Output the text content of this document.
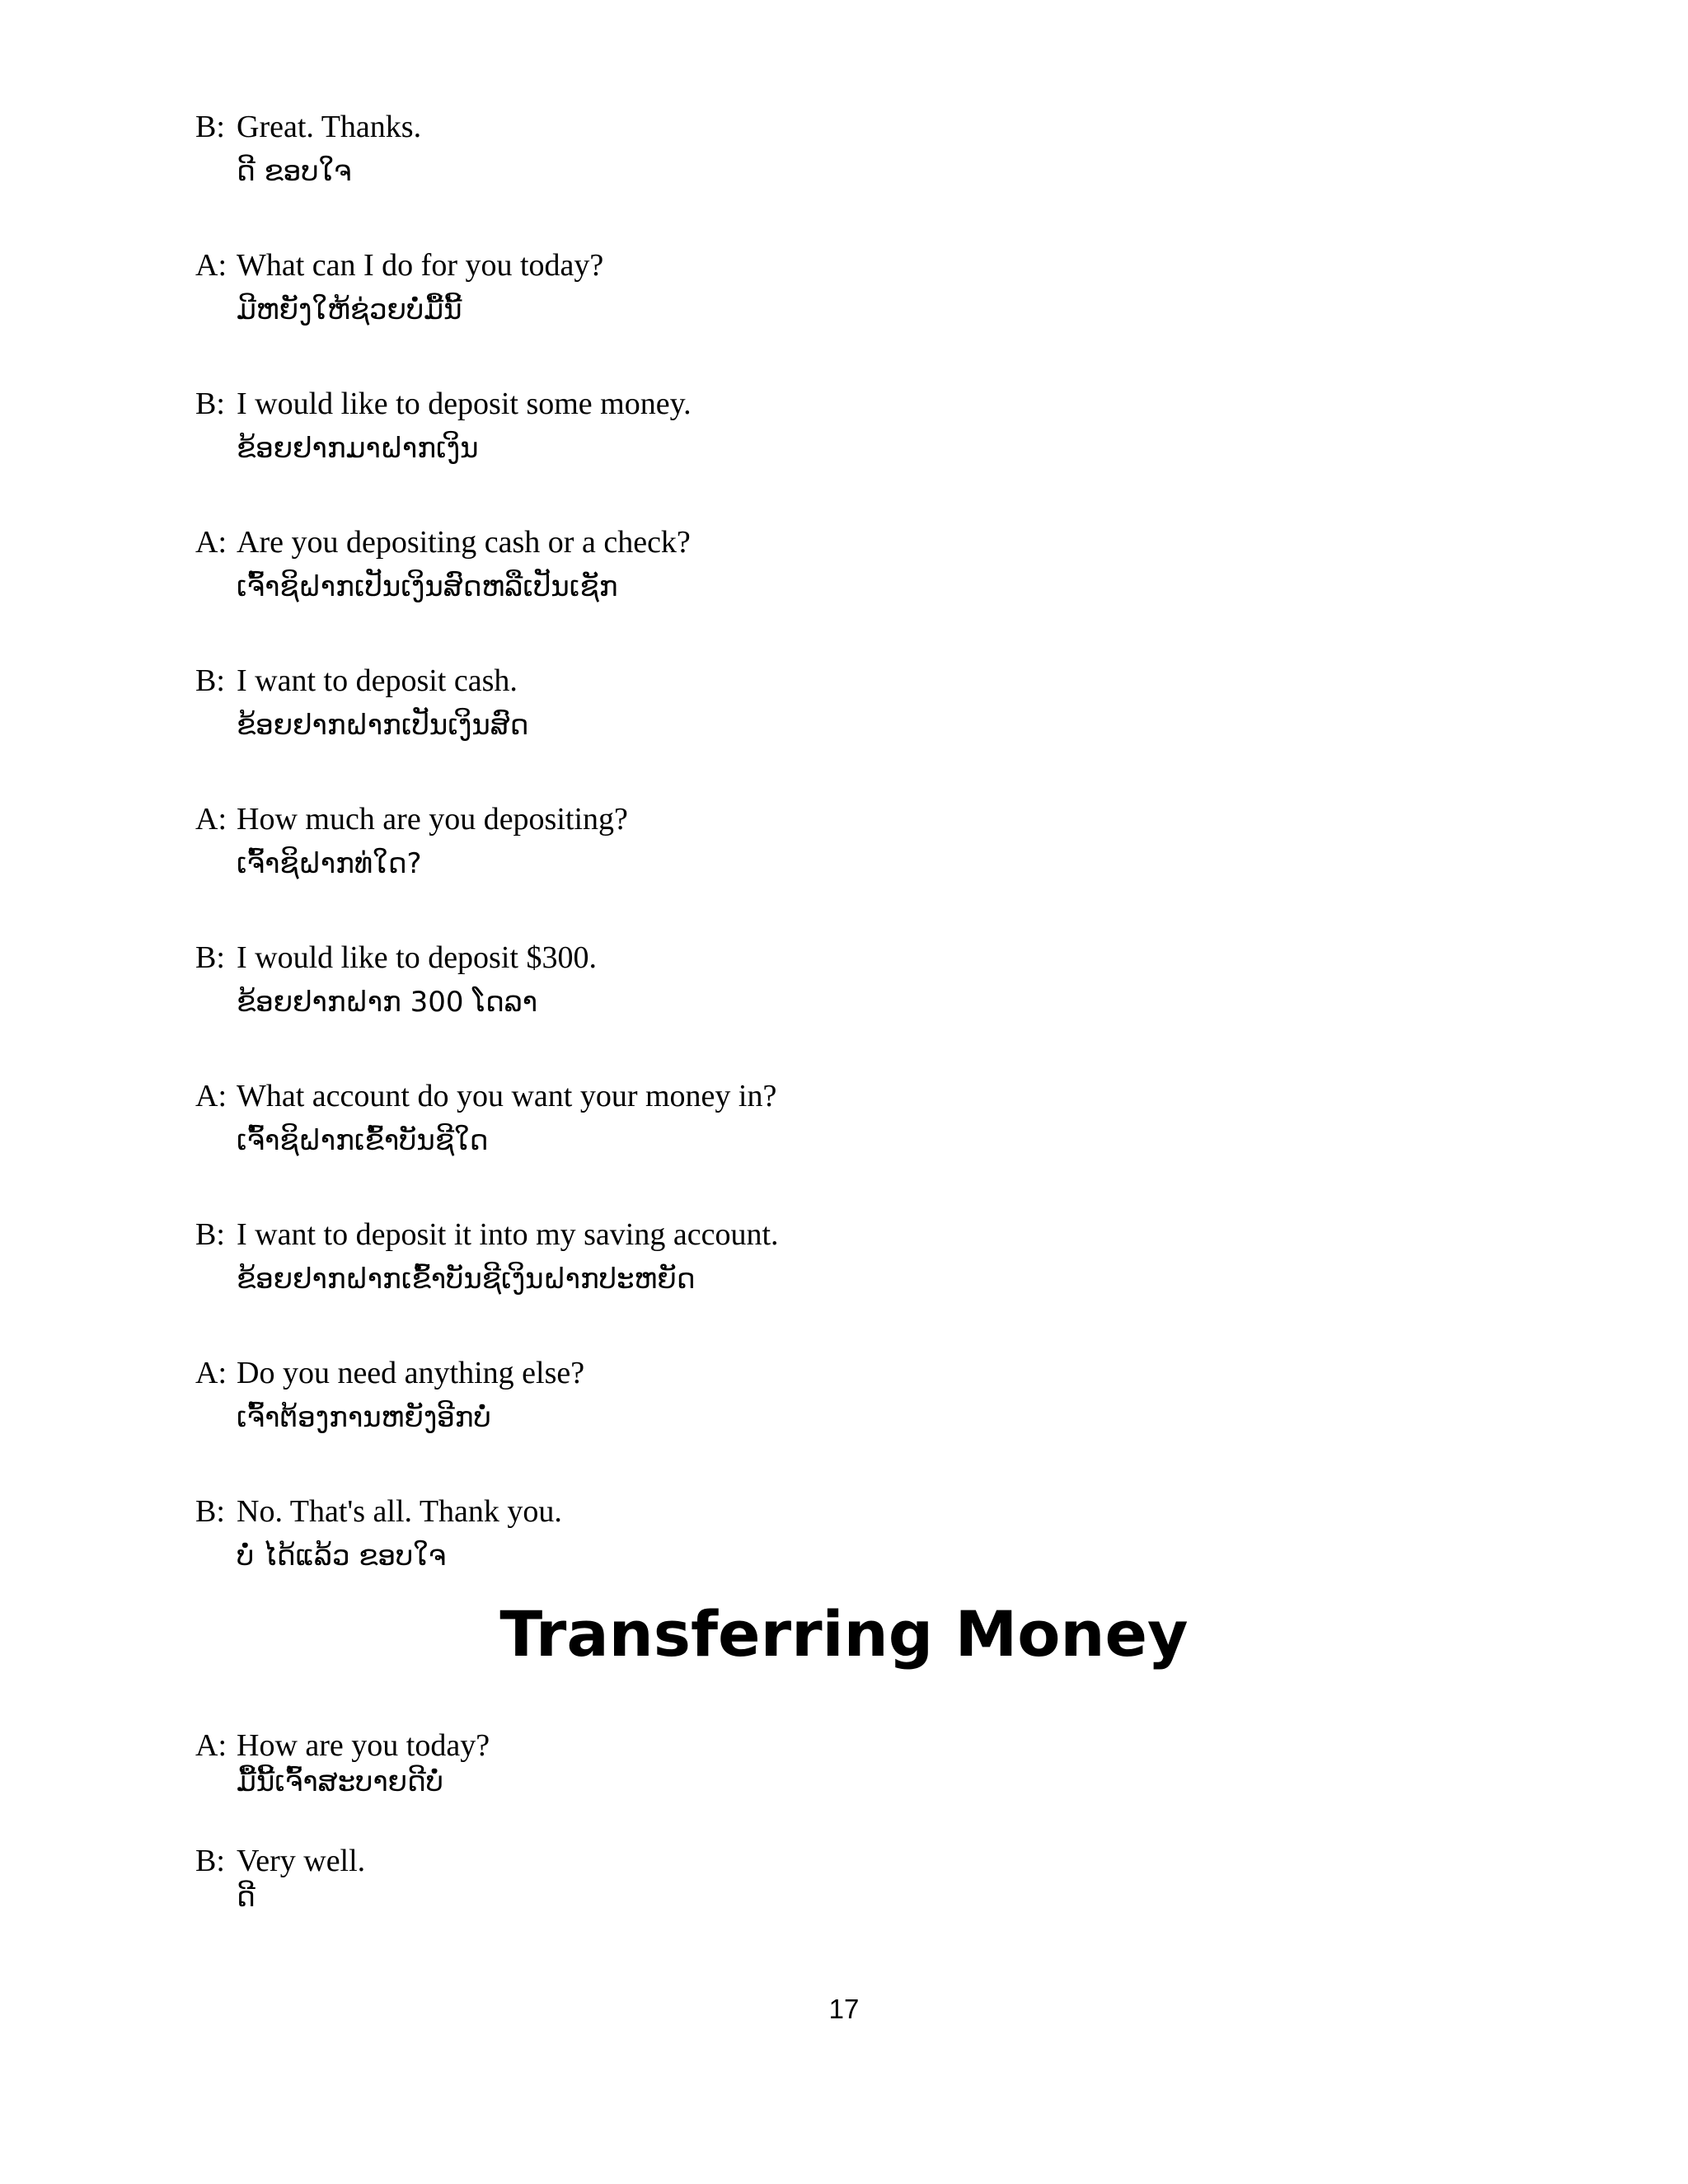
B: Great. Thanks.
ດີ ຂອບໃຈ
A: What can I do for you today?
ມີຫຍັງໃຫ້ຊ່ວຍບໍ່ມື້ນີ້
B: I would like to deposit some money.
ຂ້ອຍຢາກມາຝາກເງິນ
A: Are you depositing cash or a check?
ເຈົ້າຊິຝາກເປັນເງິນສົດຫລືເປັນເຊັກ
B: I want to deposit cash.
ຂ້ອຍຢາກຝາກເປັນເງິນສົດ
A: How much are you depositing?
ເຈົ້າຊິຝາກທ່ໃດ?
B: I would like to deposit $300.
ຂ້ອຍຢາກຝາກ 300 ໂດລາ
A: What account do you want your money in?
ເຈົ້າຊິຝາກເຂົ້າບັນຊີໃດ
B: I want to deposit it into my saving account.
ຂ້ອຍຢາກຝາກເຂົ້າບັນຊີເງິນຝາກປະຫຍັດ
A: Do you need anything else?
ເຈົ້າຕ້ອງການຫຍັງອີກບໍ່
B: No. That's all. Thank you.
ບໍ່ ໄດ້ແລ້ວ ຂອບໃຈ
Transferring Money
A: How are you today?
ມື້ນີ້ເຈົ້າສະບາຍດີບໍ່
B: Very well.
ດີ
17
